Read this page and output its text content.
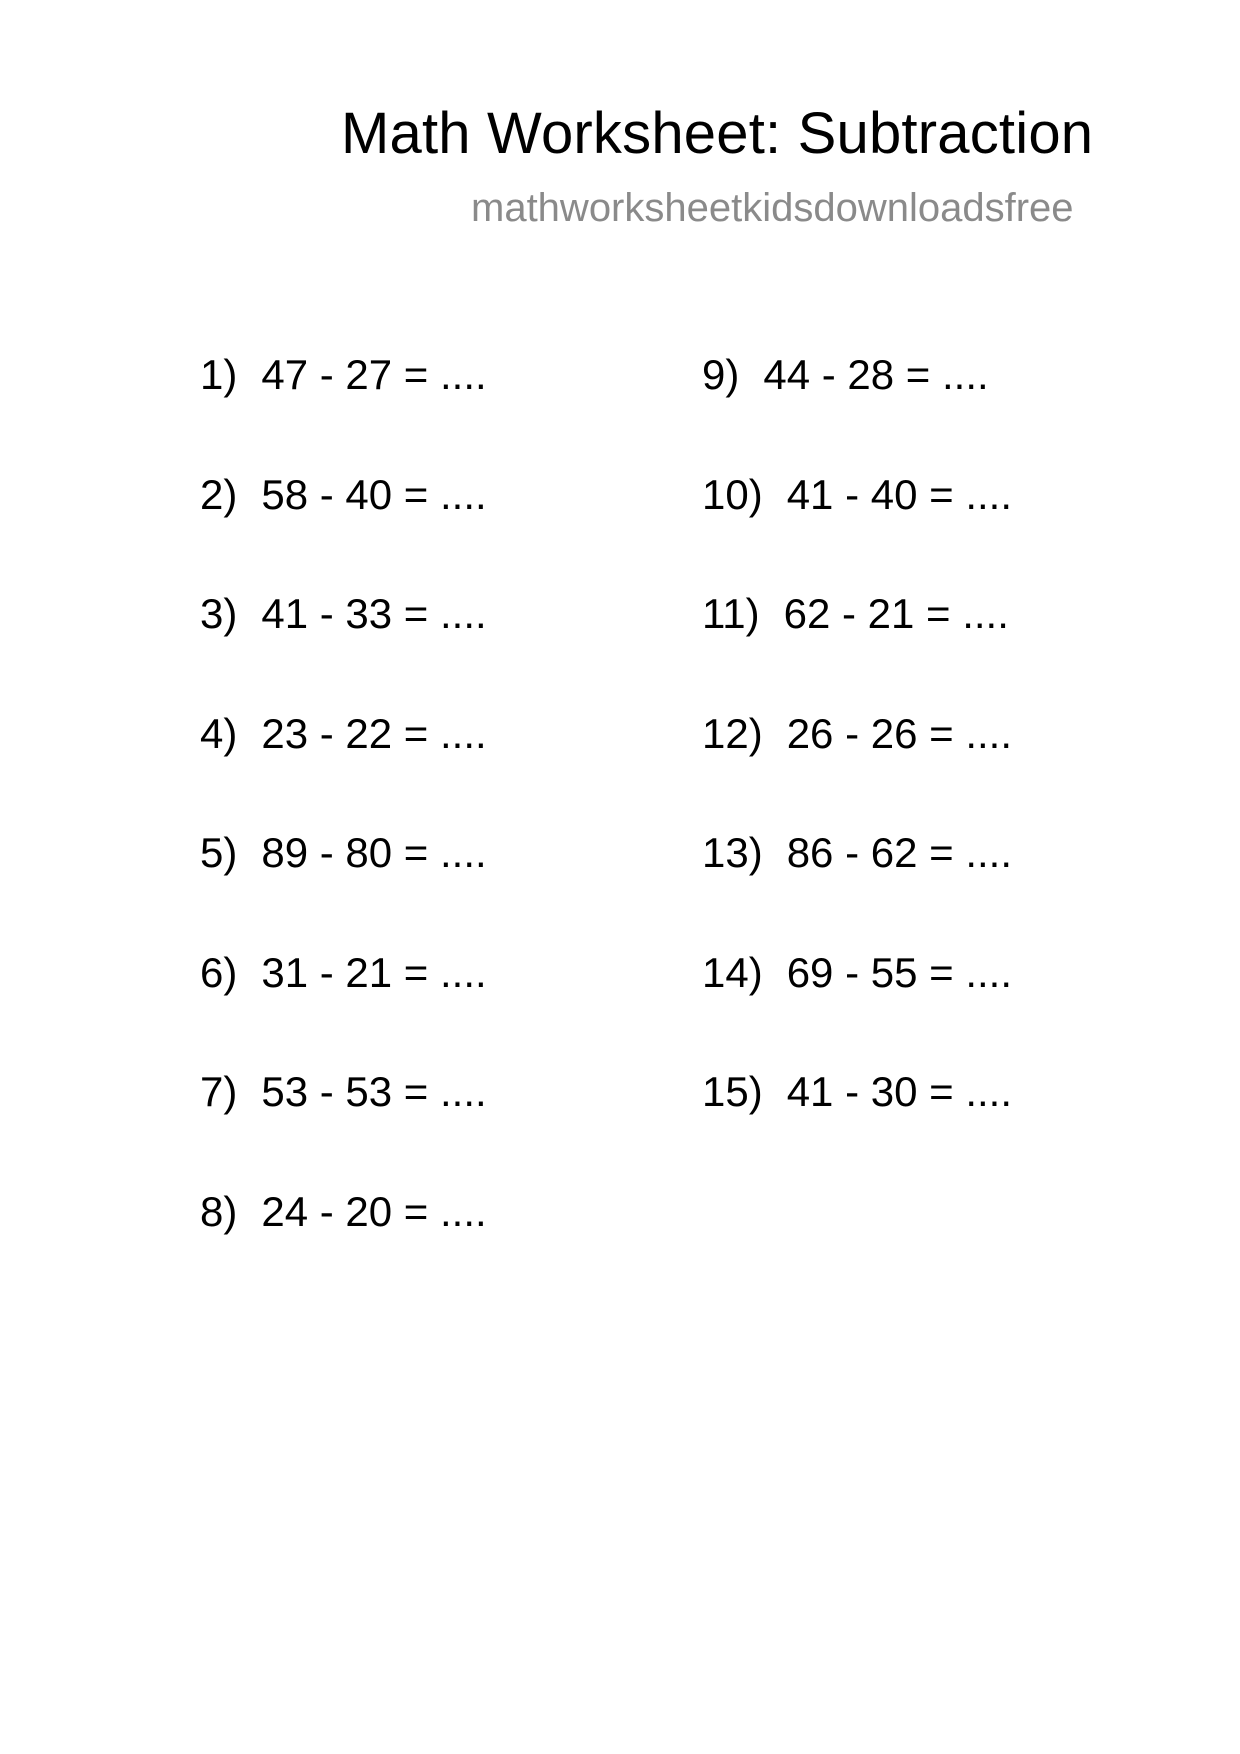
Math Worksheet: Subtraction
mathworksheetkidsdownloadsfree
1) 47 - 27 = ....
2) 58 - 40 = ....
3) 41 - 33 = ....
4) 23 - 22 = ....
5) 89 - 80 = ....
6) 31 - 21 = ....
7) 53 - 53 = ....
8) 24 - 20 = ....
9) 44 - 28 = ....
10) 41 - 40 = ....
11) 62 - 21 = ....
12) 26 - 26 = ....
13) 86 - 62 = ....
14) 69 - 55 = ....
15) 41 - 30 = ....
